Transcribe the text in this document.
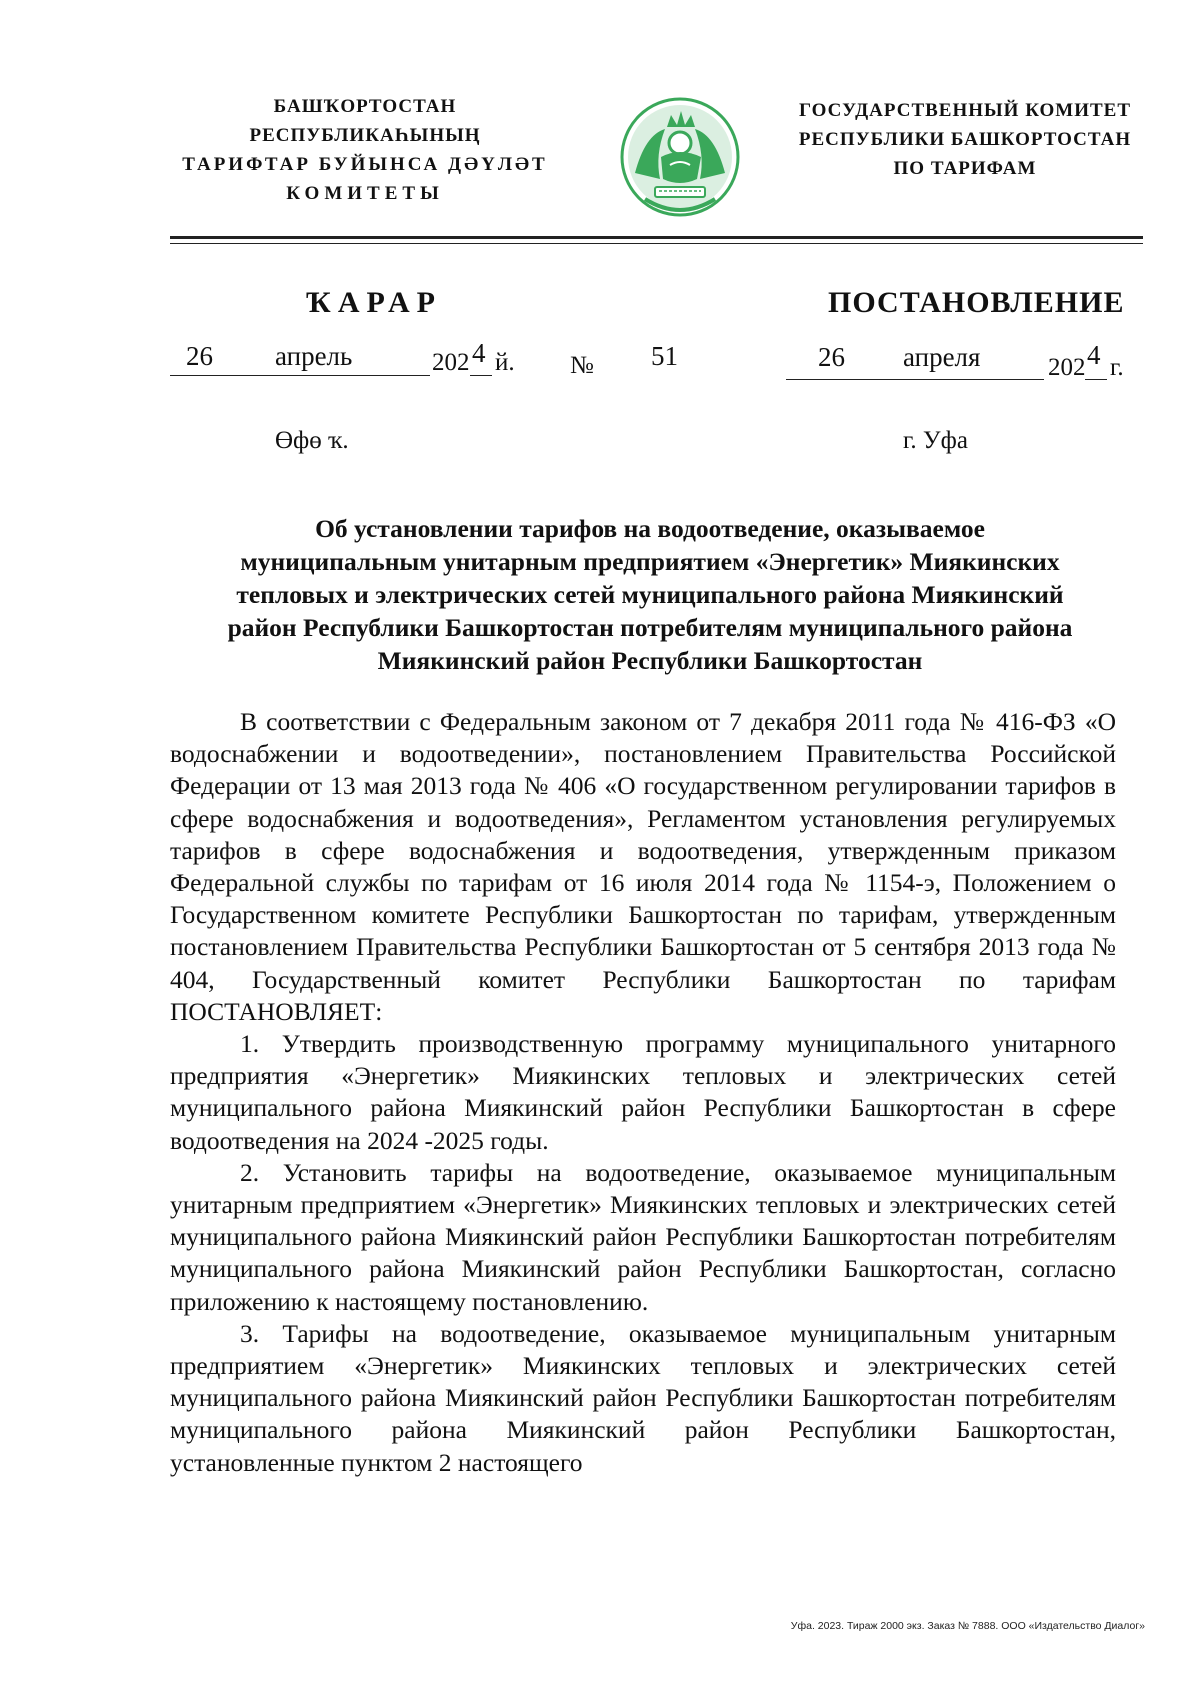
БАШҠОРТОСТАН РЕСПУБЛИКАҺЫНЫҢ
ТАРИФТАР БУЙЫНСА ДӘҮЛӘТ
КОМИТЕТЫ
ГОСУДАРСТВЕННЫЙ КОМИТЕТ
РЕСПУБЛИКИ БАШКОРТОСТАН
ПО ТАРИФАМ
ҠАРАР	ПОСТАНОВЛЕНИЕ
26 апрель	202 4 й. № 51	26 апреля	202 4 г.
Өфө ҡ.	г. Уфа
Об установлении тарифов на водоотведение, оказываемое
муниципальным унитарным предприятием «Энергетик» Миякинских
тепловых и электрических сетей муниципального района Миякинский
район Республики Башкортостан потребителям муниципального района
Миякинский район Республики Башкортостан

В соответствии с Федеральным законом от 7 декабря 2011 года № 416-ФЗ «О водоснабжении и водоотведении», постановлением Правительства Российской Федерации от 13 мая 2013 года № 406 «О государственном регулировании тарифов в сфере водоснабжения и водоотведения», Регламентом установления регулируемых тарифов в сфере водоснабжения и водоотведения, утвержденным приказом Федеральной службы по тарифам от 16 июля 2014 года № 1154-э, Положением о Государственном комитете Республики Башкортостан по тарифам, утвержденным постановлением Правительства Республики Башкортостан от 5 сентября 2013 года № 404, Государственный комитет Республики Башкортостан по тарифам ПОСТАНОВЛЯЕТ:

1. Утвердить производственную программу муниципального унитарного предприятия «Энергетик» Миякинских тепловых и электрических сетей муниципального района Миякинский район Республики Башкортостан в сфере водоотведения на 2024 -2025 годы.

2. Установить тарифы на водоотведение, оказываемое муниципальным унитарным предприятием «Энергетик» Миякинских тепловых и электрических сетей муниципального района Миякинский район Республики Башкортостан потребителям муниципального района Миякинский район Республики Башкортостан, согласно приложению к настоящему постановлению.

3. Тарифы на водоотведение, оказываемое муниципальным унитарным предприятием «Энергетик» Миякинских тепловых и электрических сетей муниципального района Миякинский район Республики Башкортостан потребителям муниципального района Миякинский район Республики Башкортостан, установленные пунктом 2 настоящего

Уфа. 2023. Тираж 2000 экз. Заказ № 7888. ООО «Издательство Диалог»
